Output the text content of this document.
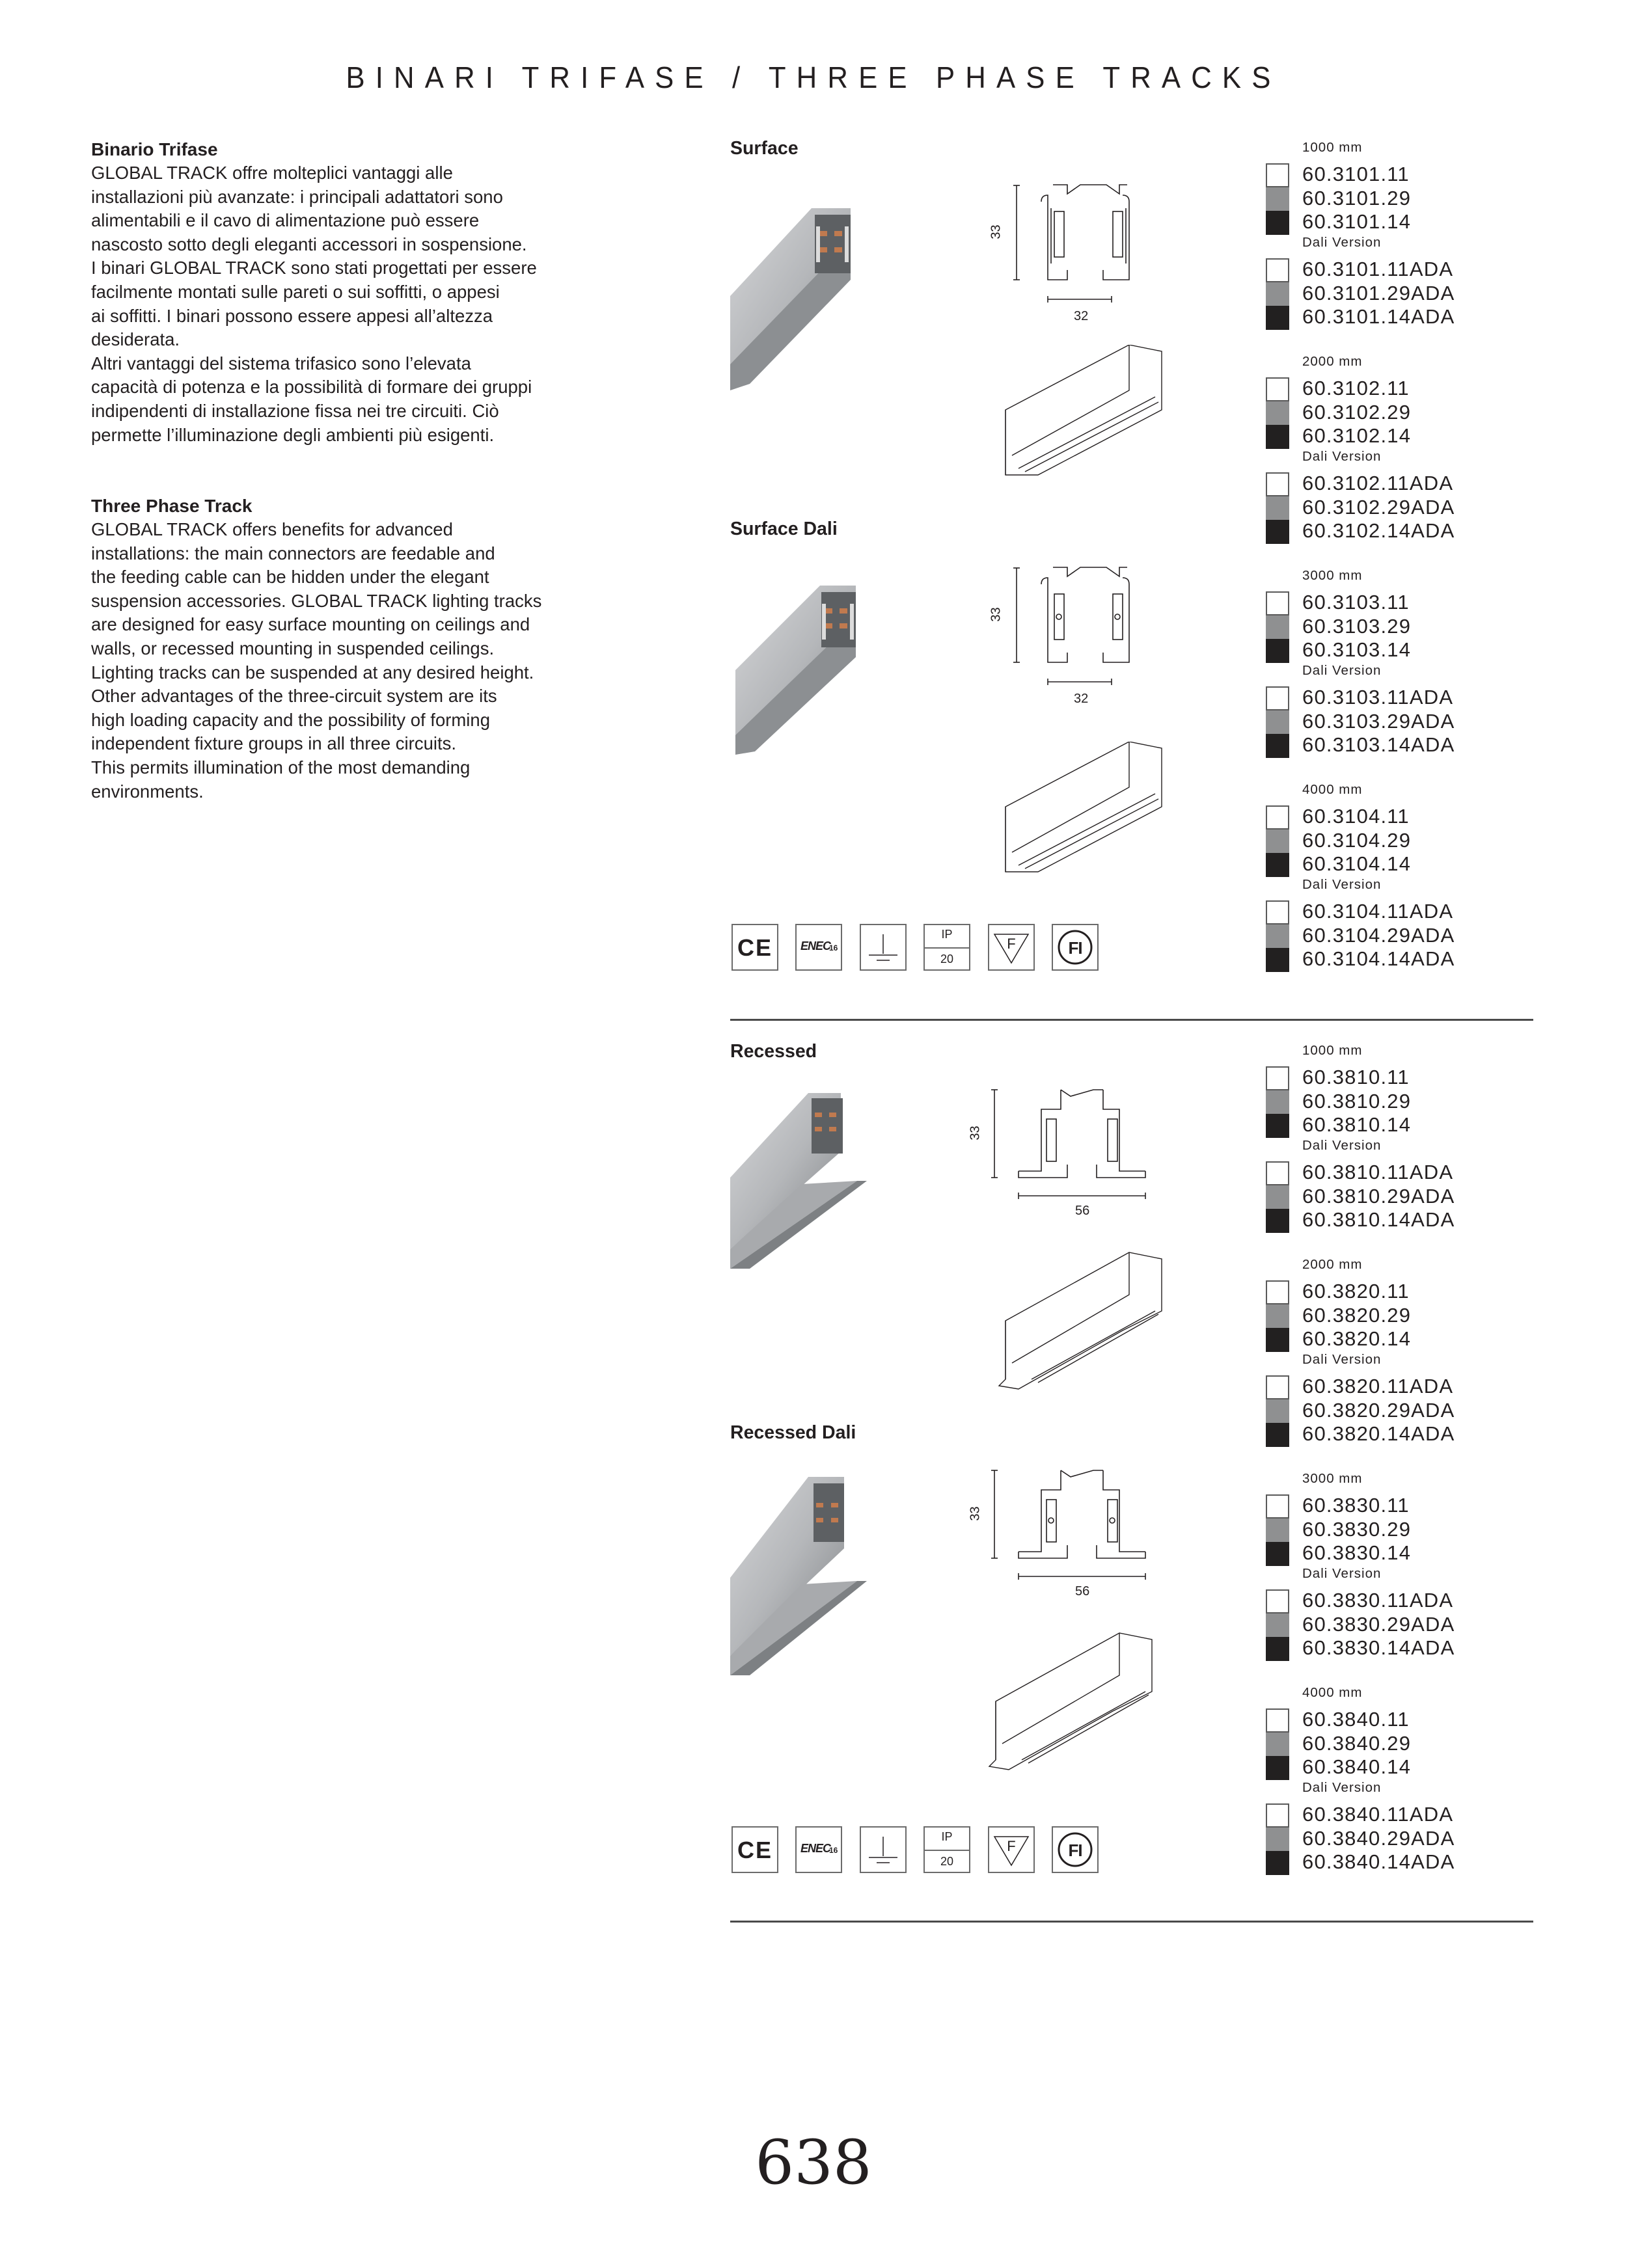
BINARI TRIFASE / THREE PHASE TRACKS
Binario Trifase

GLOBAL TRACK offre molteplici vantaggi alle
installazioni più avanzate: i principali adattatori sono
alimentabili e il cavo di alimentazione può essere
nascosto sotto degli eleganti accessori in sospensione.
I binari GLOBAL TRACK sono stati progettati per essere
facilmente montati sulle pareti o sui soffitti, o appesi
ai soffitti. I binari possono essere appesi all’altezza
desiderata.
Altri vantaggi del sistema trifasico sono l’elevata
capacità di potenza e la possibilità di formare dei gruppi
indipendenti di installazione fissa nei tre circuiti. Ciò
permette l’illuminazione degli ambienti più esigenti.

Three Phase Track

GLOBAL TRACK offers benefits for advanced
installations: the main connectors are feedable and
the feeding cable can be hidden under the elegant
suspension accessories. GLOBAL TRACK lighting tracks
are designed for easy surface mounting on ceilings and
walls, or recessed mounting in suspended ceilings.
Lighting tracks can be suspended at any desired height.
Other advantages of the three-circuit system are its
high loading capacity and the possibility of forming
independent fixture groups in all three circuits.
This permits illumination of the most demanding
environments.

Surface
Surface Dali
Recessed
Recessed Dali
33
32
33
32
33
56
33
56
1000 mm
60.3101.11
60.3101.29
60.3101.14
Dali Version
60.3101.11ADA
60.3101.29ADA
60.3101.14ADA
2000 mm
60.3102.11
60.3102.29
60.3102.14
Dali Version
60.3102.11ADA
60.3102.29ADA
60.3102.14ADA
3000 mm
60.3103.11
60.3103.29
60.3103.14
Dali Version
60.3103.11ADA
60.3103.29ADA
60.3103.14ADA
4000 mm
60.3104.11
60.3104.29
60.3104.14
Dali Version
60.3104.11ADA
60.3104.29ADA
60.3104.14ADA
1000 mm
60.3810.11
60.3810.29
60.3810.14
Dali Version
60.3810.11ADA
60.3810.29ADA
60.3810.14ADA
2000 mm
60.3820.11
60.3820.29
60.3820.14
Dali Version
60.3820.11ADA
60.3820.29ADA
60.3820.14ADA
3000 mm
60.3830.11
60.3830.29
60.3830.14
Dali Version
60.3830.11ADA
60.3830.29ADA
60.3830.14ADA
4000 mm
60.3840.11
60.3840.29
60.3840.14
Dali Version
60.3840.11ADA
60.3840.29ADA
60.3840.14ADA
CE	ENEC
16
IP
20
F	FI
CE	ENEC
16
IP
20
F	FI
638
